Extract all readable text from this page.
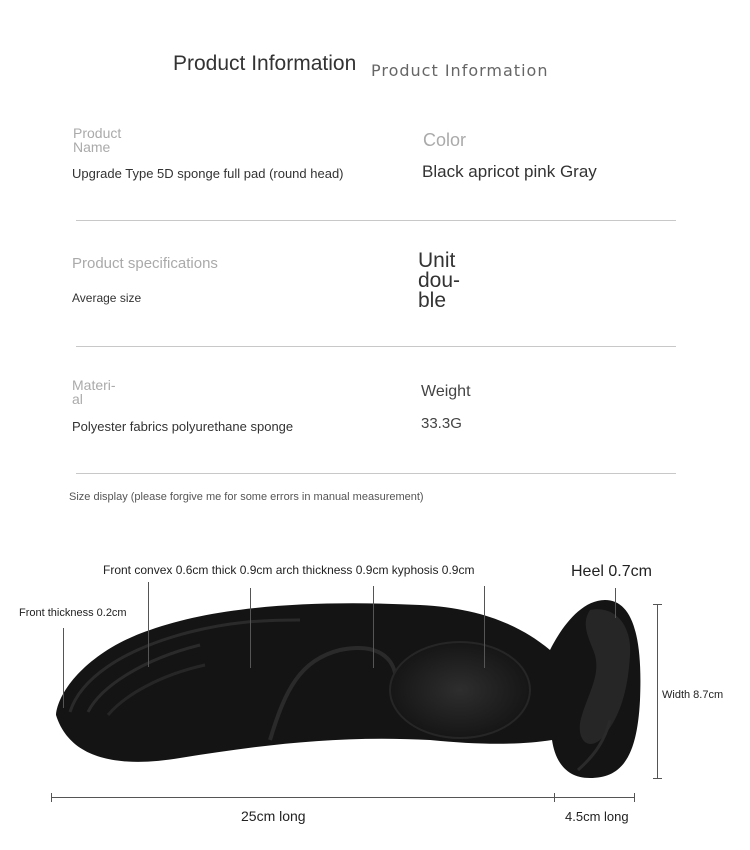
Product Information Product Information
Product
Name
Upgrade Type 5D sponge full pad (round head)
Color
Black apricot pink Gray
Product specifications
Average size
Unit
dou-
ble
Materi-
al
Polyester fabrics polyurethane sponge
Weight
33.3G
Size display (please forgive me for some errors in manual measurement)
Front thickness 0.2cm
Front convex 0.6cm thick 0.9cm arch thickness 0.9cm kyphosis 0.9cm	Heel 0.7cm
Width 8.7cm
25cm long	4.5cm long
